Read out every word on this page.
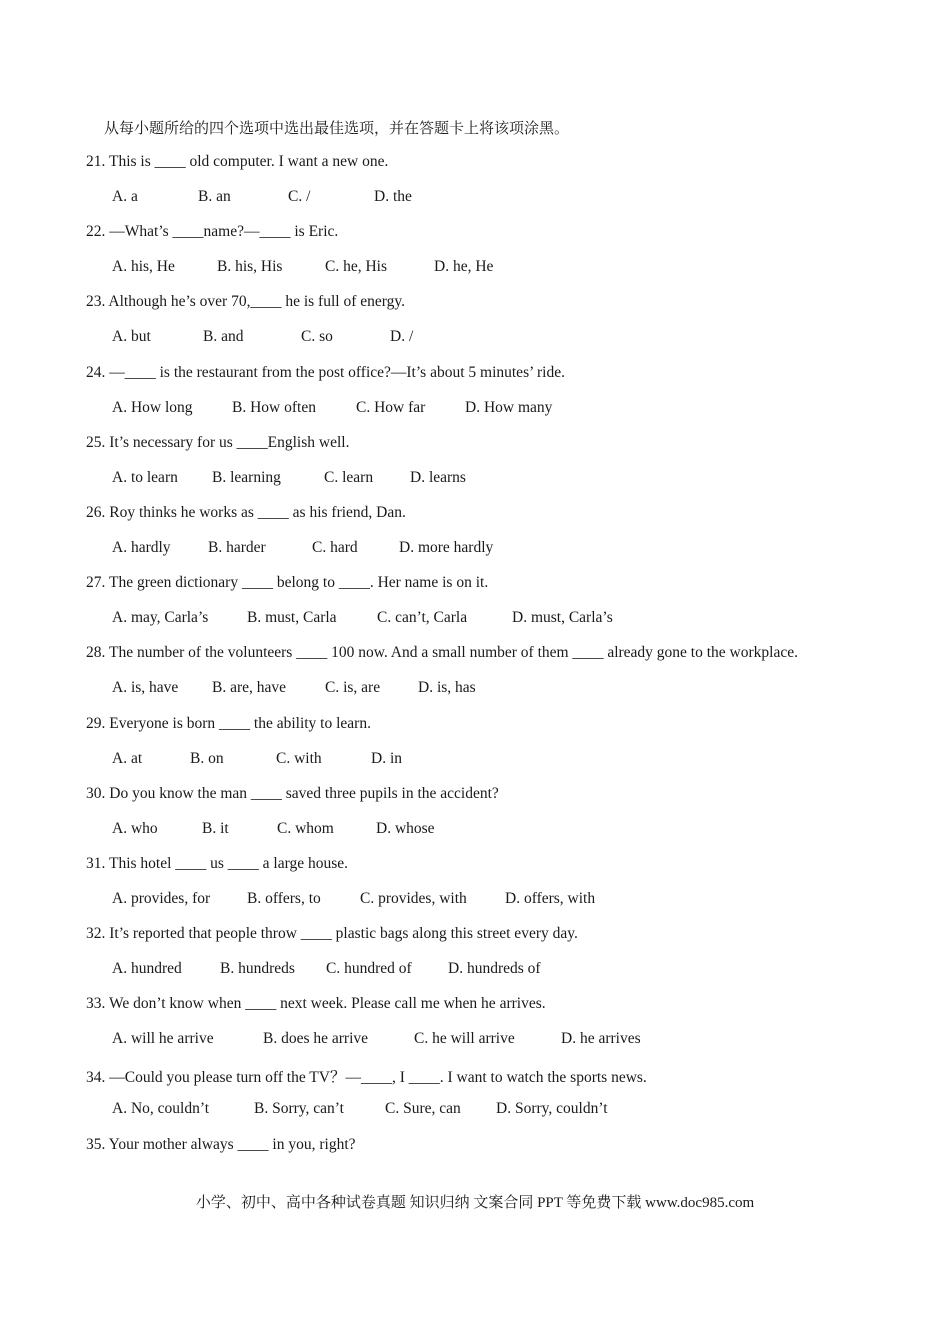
从每小题所给的四个选项中选出最佳选项，并在答题卡上将该项涂黑。
21. This is ____ old computer. I want a new one.
A. a	B. an	C. /	D. the
22. —What’s ____name?—____ is Eric.
A. his, He	B. his, His	C. he, His	D. he, He
23. Although he’s over 70,____ he is full of energy.
A. but	B. and	C. so	D. /
24. —____ is the restaurant from the post office?—It’s about 5 minutes’ ride.
A. How long	B. How often	C. How far	D. How many
25. It’s necessary for us ____English well.
A. to learn B. learning	C. learn D. learns
26. Roy thinks he works as ____ as his friend, Dan.
A. hardly B. harder	C. hard	D. more hardly
27. The green dictionary ____ belong to ____. Her name is on it.
A. may, Carla’s B. must, Carla	C. can’t, Carla	D. must, Carla’s
28. The number of the volunteers ____ 100 now. And a small number of them ____ already gone to the workplace.
A. is, have B. are, have	C. is, are D. is, has
29. Everyone is born ____ the ability to learn.
A. at	B. on	C. with	D. in
30. Do you know the man ____ saved three pupils in the accident?
A. who	B. it	C. whom	D. whose
31. This hotel ____ us ____ a large house.
A. provides, for B. offers, to	C. provides, with D. offers, with
32. It’s reported that people throw ____ plastic bags along this street every day.
A. hundred B. hundreds C. hundred of D. hundreds of
33. We don’t know when ____ next week. Please call me when he arrives.
A. will he arrive	B. does he arrive	C. he will arrive	D. he arrives
34. —Could you please turn off the TV？—____, I ____. I want to watch the sports news.
A. No, couldn’t	B. Sorry, can’t	C. Sure, can D. Sorry, couldn’t
35. Your mother always ____ in you, right?
小学、初中、高中各种试卷真题 知识归纳 文案合同 PPT 等免费下载 www.doc985.com
